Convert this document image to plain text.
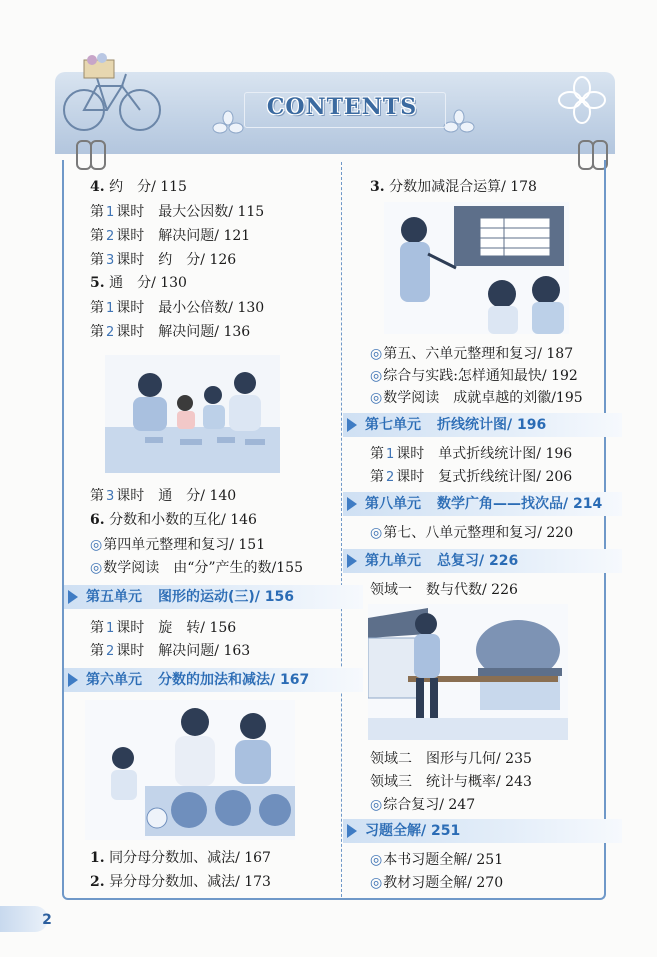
CONTENTS
4. 约　分/ 115
第 1 课时 最大公因数/ 115
第 2 课时 解决问题/ 121
第 3 课时 约　分/ 126
5. 通　分/ 130
第 1 课时 最小公倍数/ 130
第 2 课时 解决问题/ 136
第 3 课时 通　分/ 140
6. 分数和小数的互化/ 146
◎第四单元整理和复习/ 151
◎数学阅读　由“分”产生的数/155
第五单元 图形的运动(三)/ 156
第 1 课时 旋　转/ 156
第 2 课时 解决问题/ 163
第六单元 分数的加法和减法/ 167
1. 同分母分数加、减法/ 167
2. 异分母分数加、减法/ 173
3. 分数加减混合运算/ 178
◎第五、六单元整理和复习/ 187
◎综合与实践:怎样通知最快/ 192
◎数学阅读　成就卓越的刘徽/195
第七单元 折线统计图/ 196
第 1 课时 单式折线统计图/ 196
第 2 课时 复式折线统计图/ 206
第八单元 数学广角——找次品/ 214
◎第七、八单元整理和复习/ 220
第九单元 总复习/ 226
领域一　数与代数/ 226
领域二　图形与几何/ 235
领域三　统计与概率/ 243
◎综合复习/ 247
习题全解/ 251
◎本书习题全解/ 251
◎教材习题全解/ 270
2
